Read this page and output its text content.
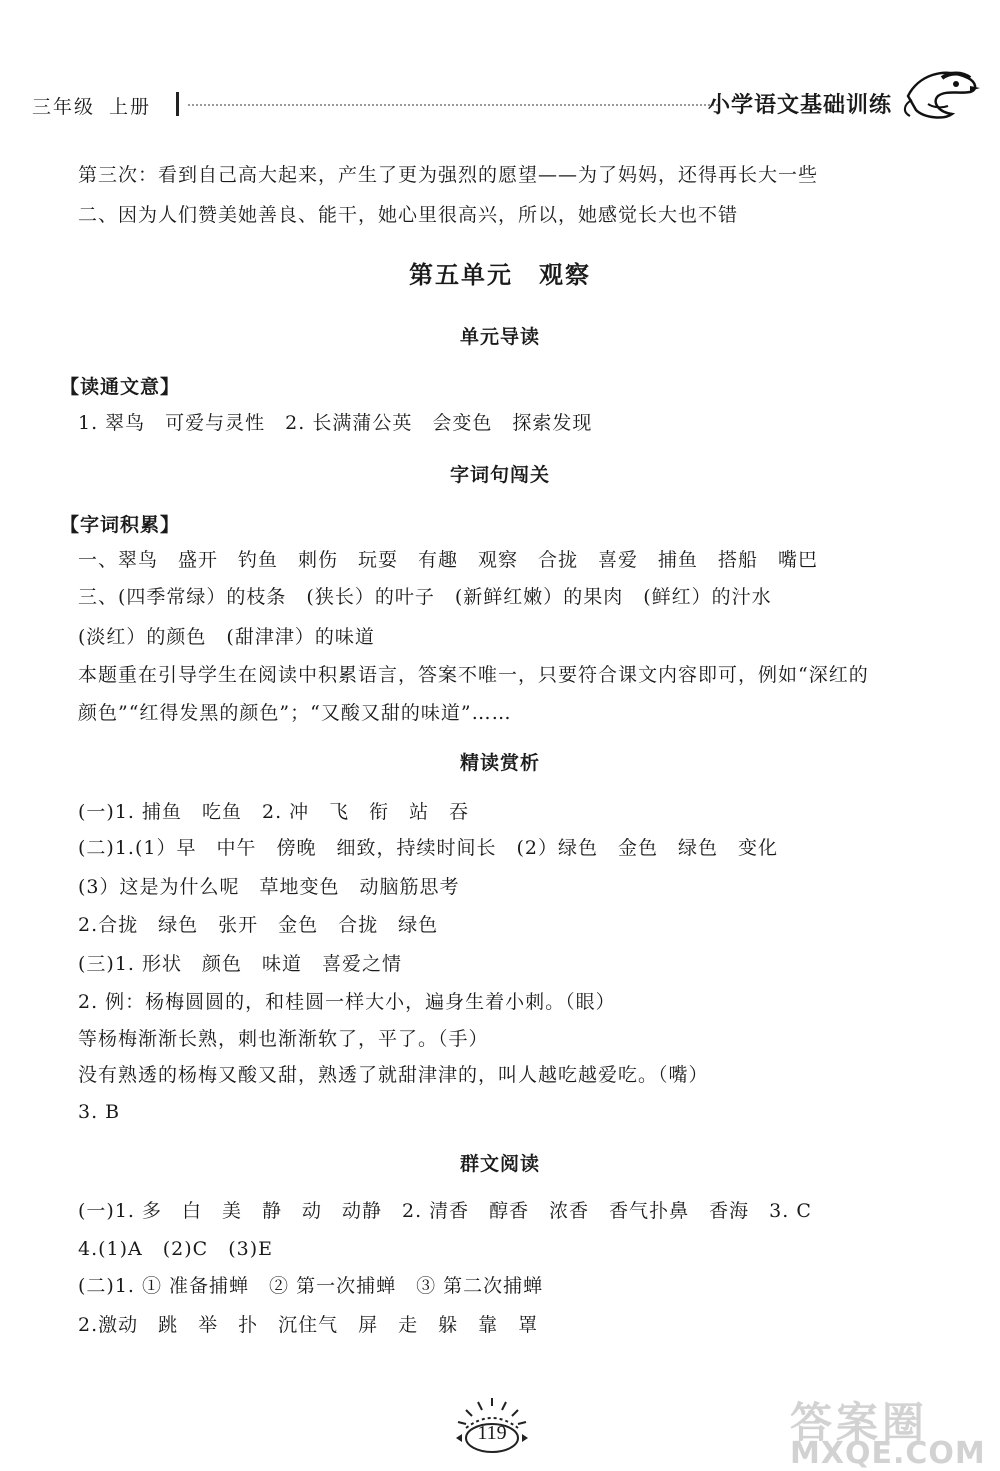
三年级 上册	小学语文基础训练
第三次：看到自己高大起来，产生了更为强烈的愿望——为了妈妈，还得再长大一些
二、因为人们赞美她善良、能干，她心里很高兴，所以，她感觉长大也不错
第五单元　观察
单元导读
【读通文意】
1. 翠鸟　可爱与灵性　2. 长满蒲公英　会变色　探索发现
字词句闯关
【字词积累】
一、翠鸟　盛开　钓鱼　刺伤　玩耍　有趣　观察　合拢　喜爱　捕鱼　搭船　嘴巴
三、(四季常绿）的枝条　(狭长）的叶子　(新鲜红嫩）的果肉　(鲜红）的汁水
(淡红）的颜色　(甜津津）的味道
本题重在引导学生在阅读中积累语言，答案不唯一，只要符合课文内容即可，例如“深红的
颜色”“红得发黑的颜色”；“又酸又甜的味道”……
精读赏析
(一)1. 捕鱼　吃鱼　2. 冲　飞　衔　站　吞
(二)1.(1）早　中午　傍晚　细致，持续时间长　(2）绿色　金色　绿色　变化
(3）这是为什么呢　草地变色　动脑筋思考
2.合拢　绿色　张开　金色　合拢　绿色
(三)1. 形状　颜色　味道　喜爱之情
2. 例：杨梅圆圆的，和桂圆一样大小，遍身生着小刺。（眼）
等杨梅渐渐长熟，刺也渐渐软了，平了。（手）
没有熟透的杨梅又酸又甜，熟透了就甜津津的，叫人越吃越爱吃。（嘴）
3. B
群文阅读
(一)1. 多　白　美　静　动　动静　2. 清香　醇香　浓香　香气扑鼻　香海　3. C
4.(1)A　(2)C　(3)E
(二)1. ① 准备捕蝉　② 第一次捕蝉　③ 第二次捕蝉
2.激动　跳　举　扑　沉住气　屏　走　躲　靠　罩
119	答案圈
MXQE.COM
